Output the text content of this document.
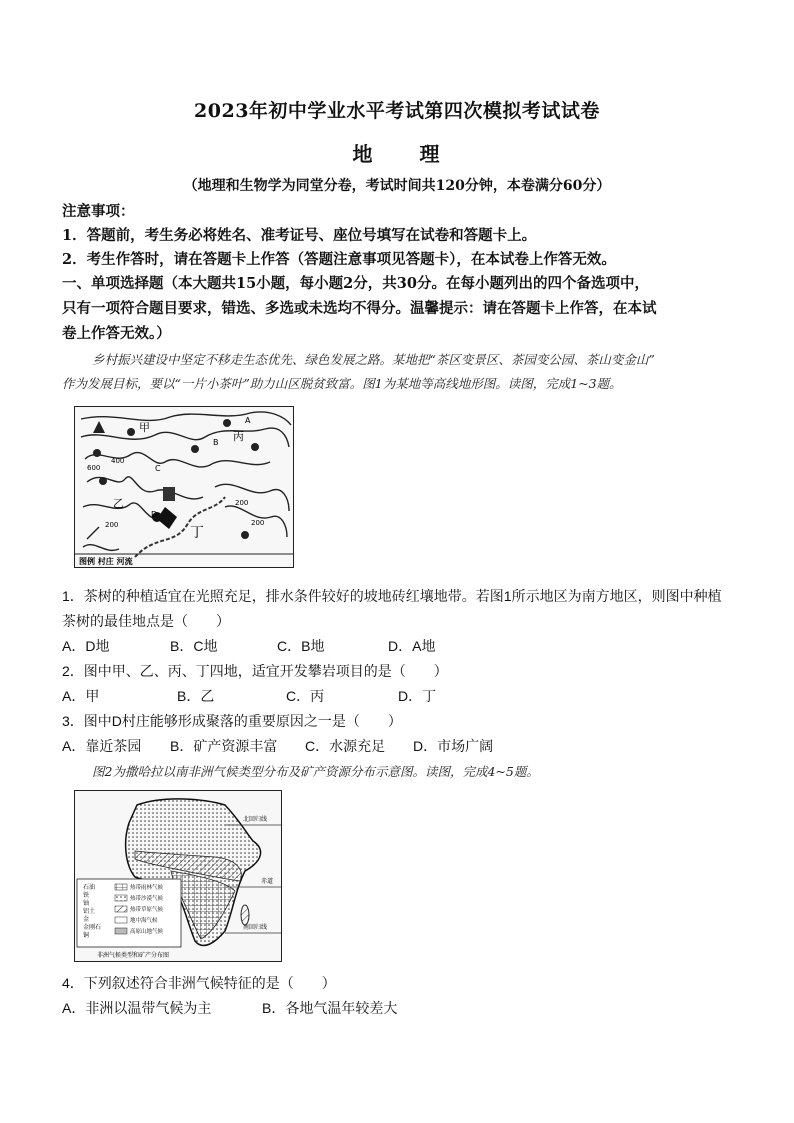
2023年初中学业水平考试第四次模拟考试试卷
地 理
（地理和生物学为同堂分卷，考试时间共120分钟，本卷满分60分）
注意事项：
1．答题前，考生务必将姓名、准考证号、座位号填写在试卷和答题卡上。
2．考生作答时，请在答题卡上作答（答题注意事项见答题卡），在本试卷上作答无效。
一、单项选择题（本大题共15小题，每小题2分，共30分。在每小题列出的四个备选项中，
只有一项符合题目要求，错选、多选或未选均不得分。温馨提示：请在答题卡上作答，在本试
卷上作答无效。）
乡村振兴建设中坚定不移走生态优先、绿色发展之路。某地把“茶区变景区、茶园变公园、茶山变金山”
作为发展目标，要以“一片小茶叶”助力山区脱贫致富。图1为某地等高线地形图。读图，完成1~3题。
甲
丙
乙
丁
A
B
C
D
200
200
200
400
600
图例 村庄 河流
1．茶树的种植适宜在光照充足，排水条件较好的坡地砖红壤地带。若图1所示地区为南方地区，则图中种植
茶树的最佳地点是（　　）
A．D地	B．C地	C．B地	D．A地
2．图中甲、乙、丙、丁四地，适宜开发攀岩项目的是（　　）
A．甲	B．乙	C．丙	D．丁
3．图中D村庄能够形成聚落的重要原因之一是（　　）
A．靠近茶园 B．矿产资源丰富 C．水源充足 D．市场广阔
图2为撒哈拉以南非洲气候类型分布及矿产资源分布示意图。读图，完成4~5题。
北回归线
赤道
南回归线
石油
铁
铀
铝土
金
金刚石
铜
热带雨林气候
热带沙漠气候
热带草原气候
地中海气候
高原山地气候
非洲气候类型和矿产分布图
4．下列叙述符合非洲气候特征的是（　　）
A．非洲以温带气候为主	B．各地气温年较差大
